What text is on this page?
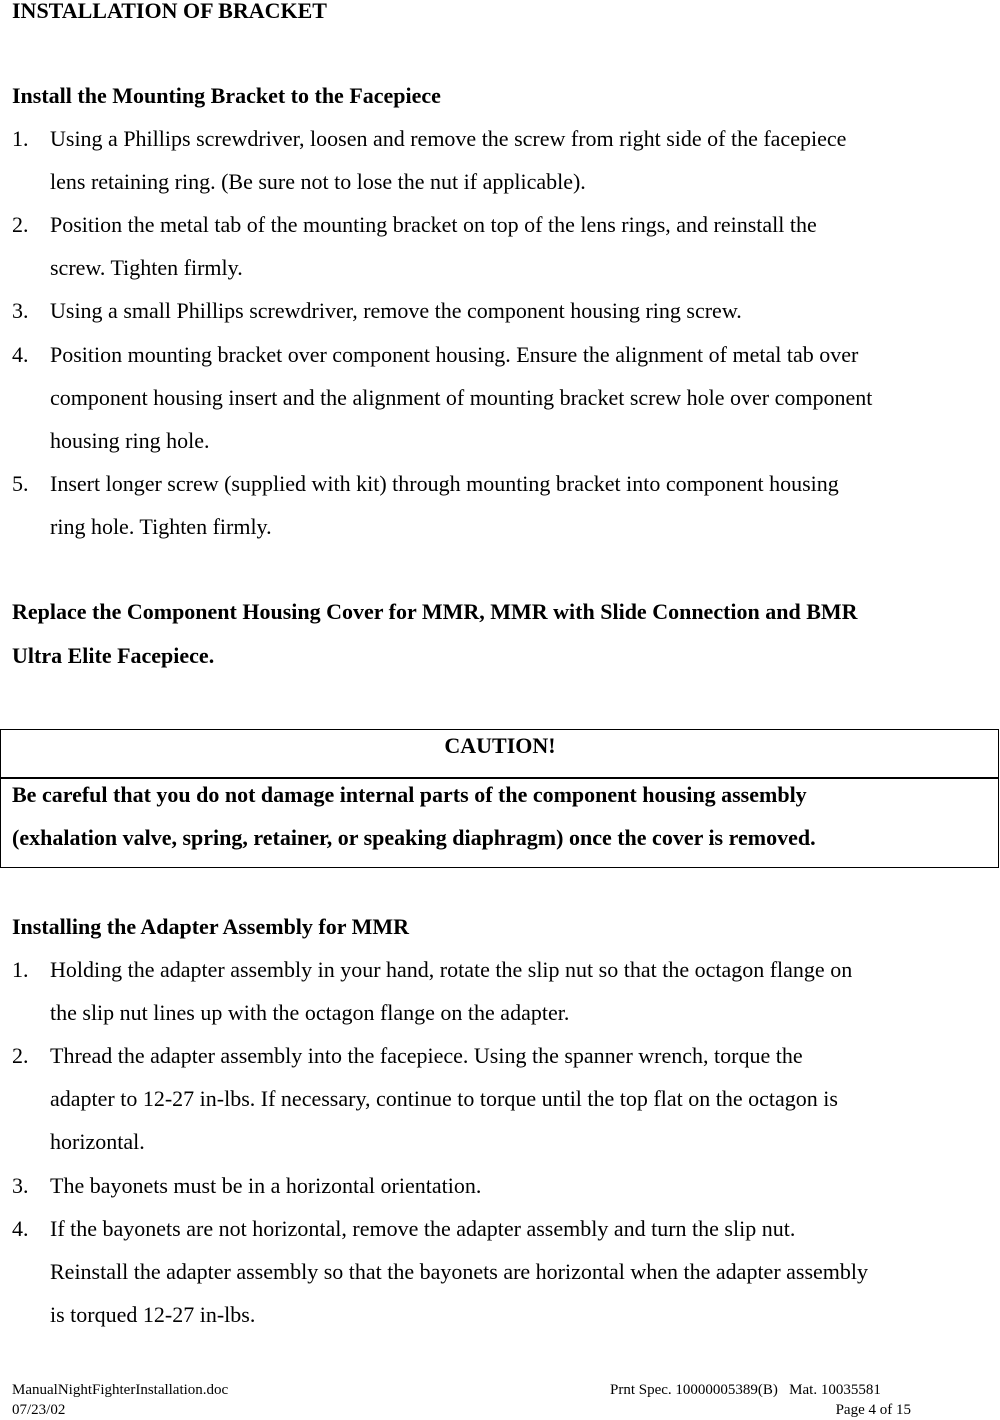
INSTALLATION OF BRACKET
Install the Mounting Bracket to the Facepiece
1. Using a Phillips screwdriver, loosen and remove the screw from right side of the facepiece
lens retaining ring. (Be sure not to lose the nut if applicable).
2. Position the metal tab of the mounting bracket on top of the lens rings, and reinstall the
screw. Tighten firmly.
3. Using a small Phillips screwdriver, remove the component housing ring screw.
4. Position mounting bracket over component housing. Ensure the alignment of metal tab over
component housing insert and the alignment of mounting bracket screw hole over component
housing ring hole.
5. Insert longer screw (supplied with kit) through mounting bracket into component housing
ring hole. Tighten firmly.
Replace the Component Housing Cover for MMR, MMR with Slide Connection and BMR
Ultra Elite Facepiece.
CAUTION!
Be careful that you do not damage internal parts of the component housing assembly
(exhalation valve, spring, retainer, or speaking diaphragm) once the cover is removed.
Installing the Adapter Assembly for MMR
1. Holding the adapter assembly in your hand, rotate the slip nut so that the octagon flange on
the slip nut lines up with the octagon flange on the adapter.
2. Thread the adapter assembly into the facepiece. Using the spanner wrench, torque the
adapter to 12-27 in-lbs. If necessary, continue to torque until the top flat on the octagon is
horizontal.
3. The bayonets must be in a horizontal orientation.
4. If the bayonets are not horizontal, remove the adapter assembly and turn the slip nut.
Reinstall the adapter assembly so that the bayonets are horizontal when the adapter assembly
is torqued 12-27 in-lbs.
ManualNightFighterInstallation.doc
07/23/02
Prnt Spec. 10000005389(B)   Mat. 10035581
Page 4 of 15
